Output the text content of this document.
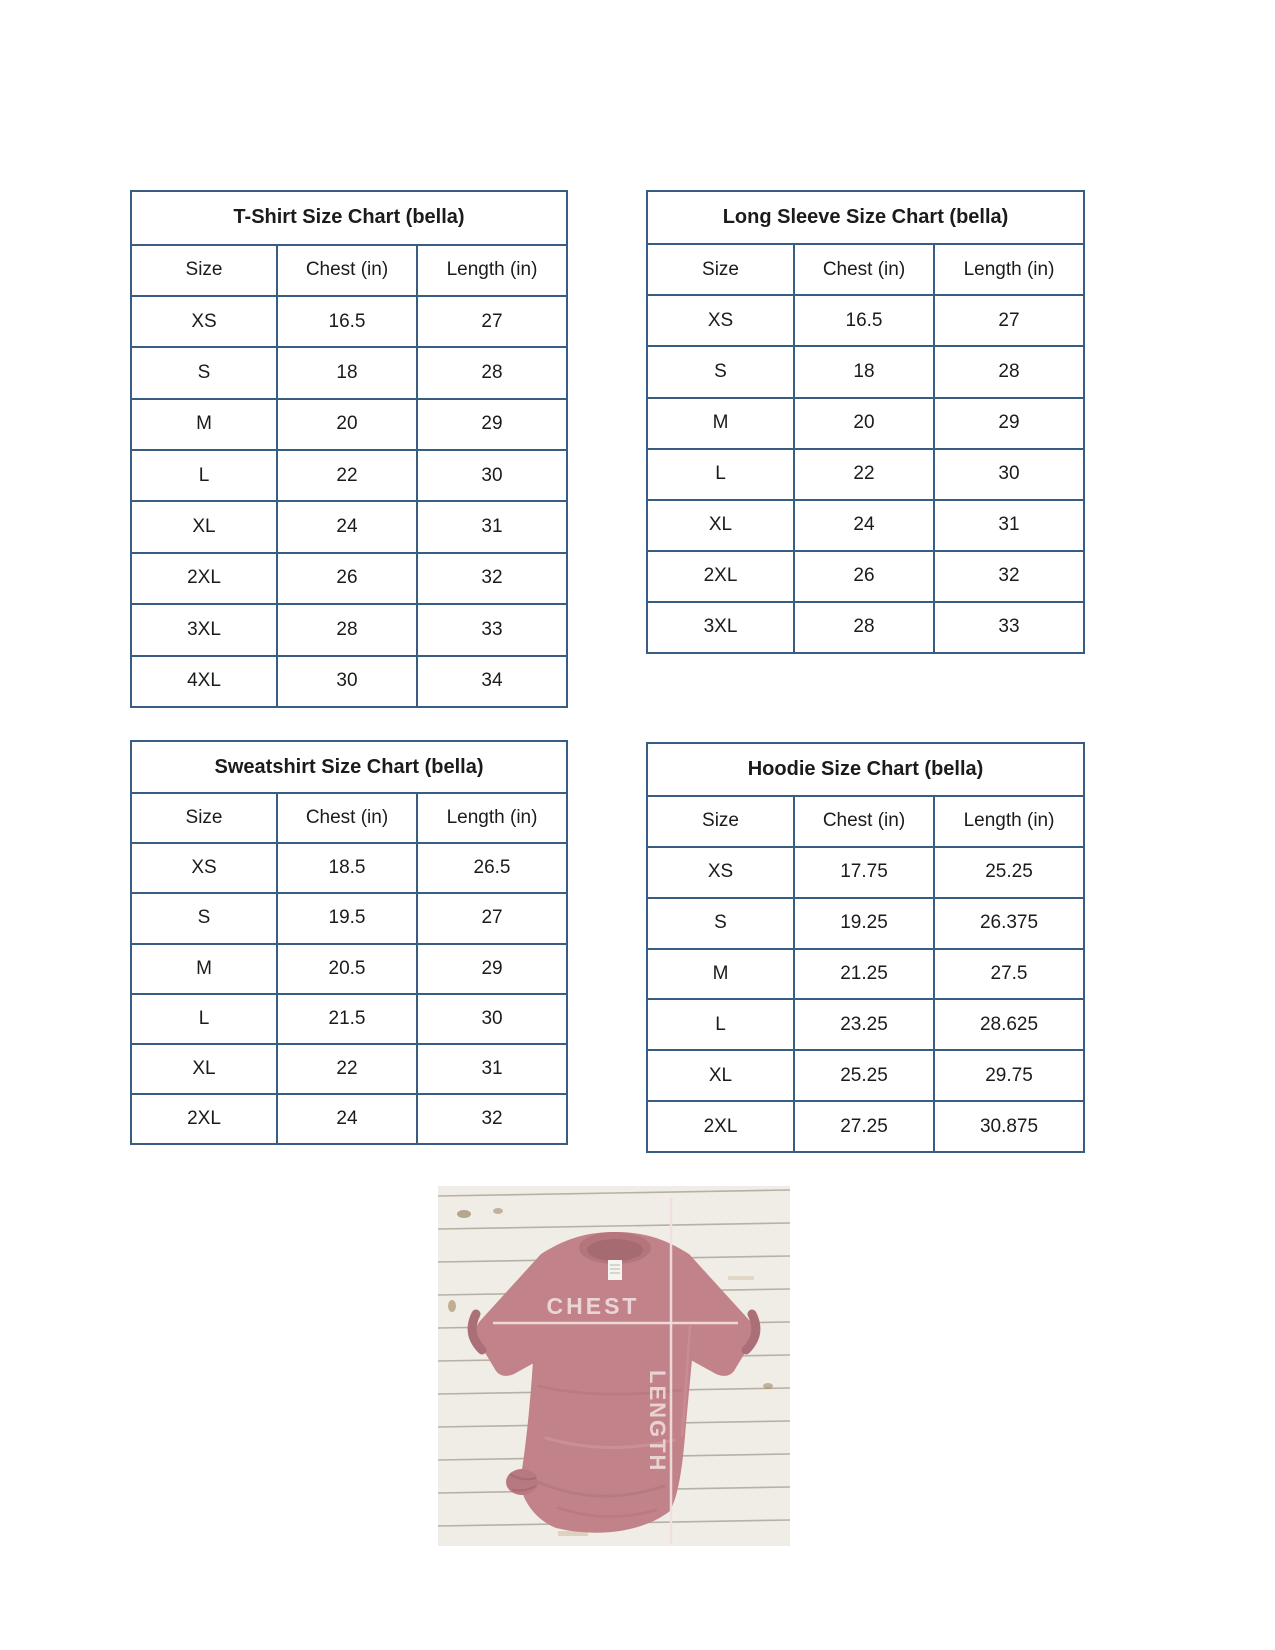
T-Shirt Size Chart (bella)		
Size	Chest (in)	Length (in)
XS	16.5	27
S	18	28
M	20	29
L	22	30
XL	24	31
2XL	26	32
3XL	28	33
4XL	30	34
Long Sleeve Size Chart (bella)		
Size	Chest (in)	Length (in)
XS	16.5	27
S	18	28
M	20	29
L	22	30
XL	24	31
2XL	26	32
3XL	28	33
Sweatshirt Size Chart (bella)		
Size	Chest (in)	Length (in)
XS	18.5	26.5
S	19.5	27
M	20.5	29
L	21.5	30
XL	22	31
2XL	24	32
Hoodie Size Chart (bella)		
Size	Chest (in)	Length (in)
XS	17.75	25.25
S	19.25	26.375
M	21.25	27.5
L	23.25	28.625
XL	25.25	29.75
2XL	27.25	30.875
CHEST
LENGTH
